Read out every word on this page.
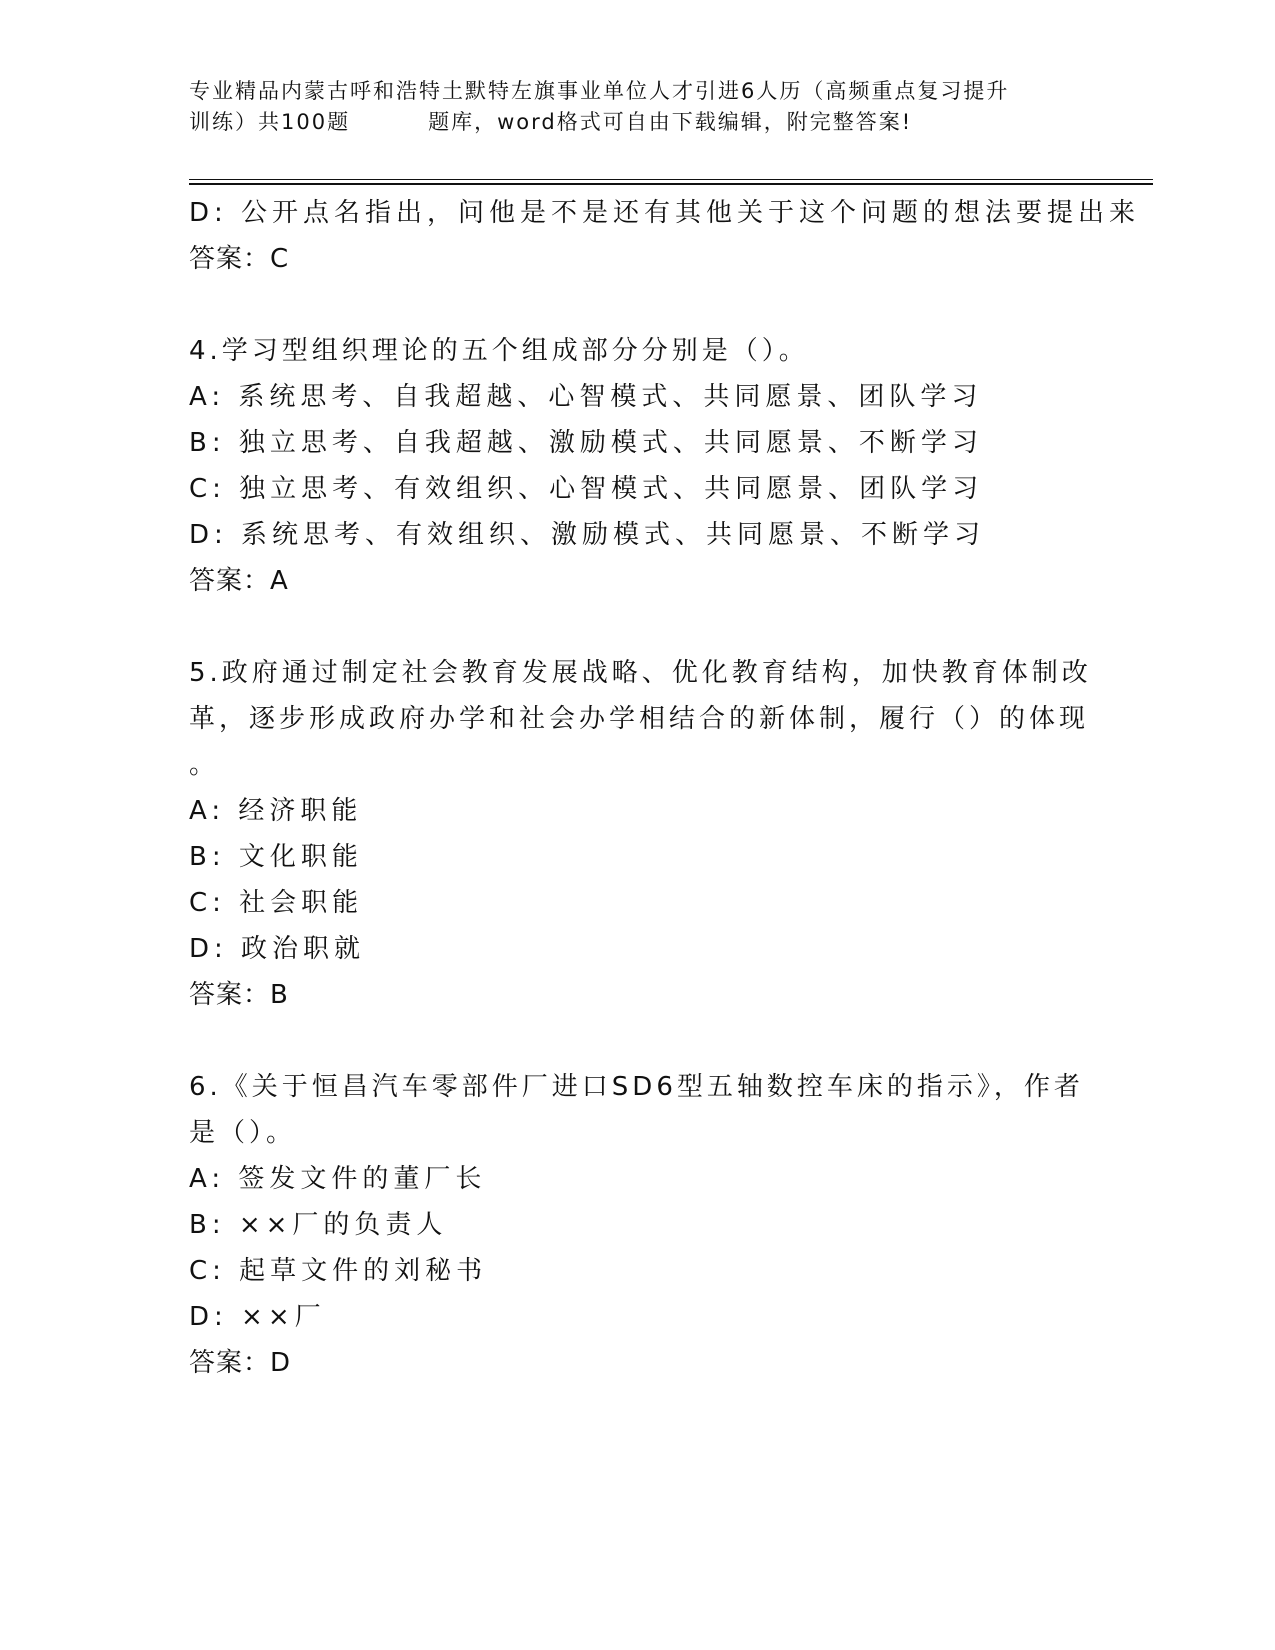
专业精品内蒙古呼和浩特土默特左旗事业单位人才引进6人历（高频重点复习提升
训练）共100题	题库，word格式可自由下载编辑，附完整答案!
D: 公开点名指出，问他是不是还有其他关于这个问题的想法要提出来
答案：C
4.学习型组织理论的五个组成部分分别是（）。
A: 系统思考、自我超越、心智模式、共同愿景、团队学习
B: 独立思考、自我超越、激励模式、共同愿景、不断学习
C: 独立思考、有效组织、心智模式、共同愿景、团队学习
D: 系统思考、有效组织、激励模式、共同愿景、不断学习
答案：A
5.政府通过制定社会教育发展战略、优化教育结构，加快教育体制改
革，逐步形成政府办学和社会办学相结合的新体制，履行（）的体现
。
A: 经济职能
B: 文化职能
C: 社会职能
D: 政治职就
答案：B
6.《关于恒昌汽车零部件厂进口SD6型五轴数控车床的指示》，作者
是（）。
A: 签发文件的董厂长
B: ××厂的负责人
C: 起草文件的刘秘书
D: ××厂
答案：D
